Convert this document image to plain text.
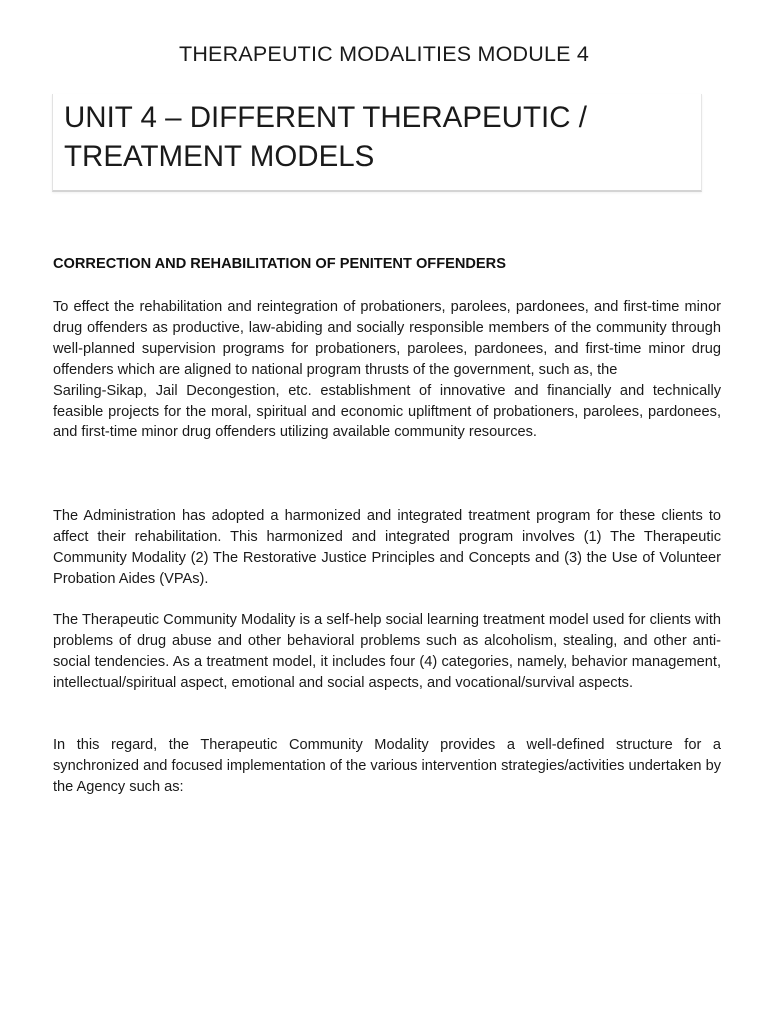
THERAPEUTIC MODALITIES MODULE 4
UNIT 4 – DIFFERENT THERAPEUTIC /
TREATMENT MODELS
CORRECTION AND REHABILITATION OF PENITENT OFFENDERS
To effect the rehabilitation and reintegration of probationers, parolees, pardonees, and first-time minor drug offenders as productive, law-abiding and socially responsible members of the community through well-planned supervision programs for probationers, parolees, pardonees, and first-time minor drug offenders which are aligned to national program thrusts of the government, such as, the
Sariling-Sikap, Jail Decongestion, etc. establishment of innovative and financially and technically feasible projects for the moral, spiritual and economic upliftment of probationers, parolees, pardonees, and first-time minor drug offenders utilizing available community resources.

The Administration has adopted a harmonized and integrated treatment program for these clients to affect their rehabilitation. This harmonized and integrated program involves (1) The Therapeutic Community Modality (2) The Restorative Justice Principles and Concepts and (3) the Use of Volunteer Probation Aides (VPAs).

The Therapeutic Community Modality is a self-help social learning treatment model used for clients with problems of drug abuse and other behavioral problems such as alcoholism, stealing, and other anti-social tendencies. As a treatment model, it includes four (4) categories, namely, behavior management, intellectual/spiritual aspect, emotional and social aspects, and vocational/survival aspects.

In this regard, the Therapeutic Community Modality provides a well-defined structure for a synchronized and focused implementation of the various intervention strategies/activities undertaken by the Agency such as:
